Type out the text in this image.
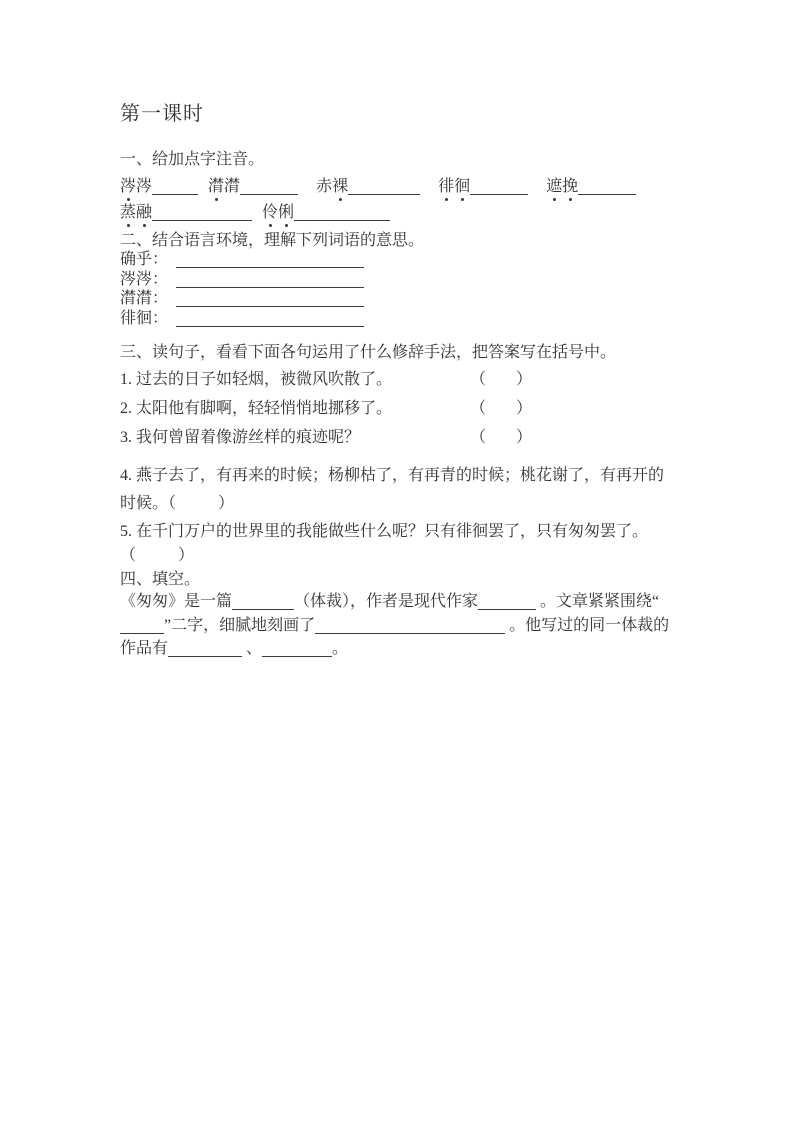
第一课时
一、给加点字注音。
涔涔	潸潸	赤裸	徘徊	遮挽
蒸融	伶俐
二、结合语言环境，理解下列词语的意思。
确乎：
涔涔：
潸潸：
徘徊：
三、读句子，看看下面各句运用了什么修辞手法，把答案写在括号中。
1. 过去的日子如轻烟，被微风吹散了。	（ ）
2. 太阳他有脚啊，轻轻悄悄地挪移了。	（ ）
3. 我何曾留着像游丝样的痕迹呢？	（ ）
4. 燕子去了，有再来的时候；杨柳枯了，有再青的时候；桃花谢了，有再开的时候。（	）
5. 在千门万户的世界里的我能做些什么呢？只有徘徊罢了，只有匆匆罢了。
（	）
四、填空。

《匆匆》是一篇	（体裁），作者是现代作家	。文章紧紧围绕“”二字，细腻地刻画了	。他写过的同一体裁的作品有	、	。
